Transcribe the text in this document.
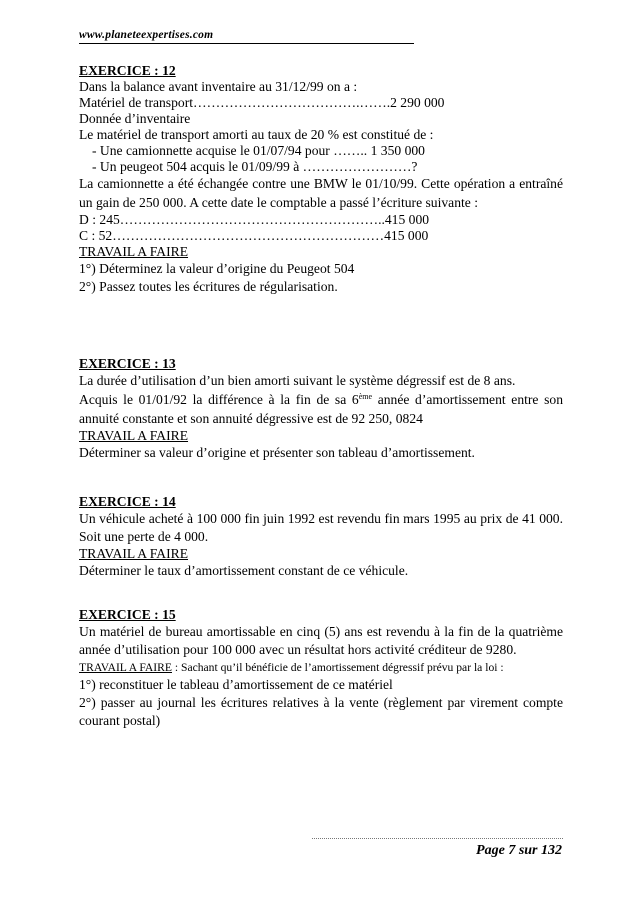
www.planeteexpertises.com

EXERCICE : 12

Dans la balance avant inventaire au 31/12/99 on a :

Matériel de transport……………………………….…….2 290 000

Donnée d’inventaire

Le matériel de transport amorti au taux de 20 % est constitué de :

- Une camionnette acquise le 01/07/94 pour …….. 1 350 000

- Un peugeot 504 acquis le 01/09/99 à ……………………?

La camionnette a été échangée contre une BMW le 01/10/99. Cette opération a entraîné un gain de 250 000. A cette date le comptable a passé l’écriture suivante :

D : 245…………………………………………………..415 000

C : 52……………………………………………………415 000

TRAVAIL A FAIRE

1°) Déterminez la valeur d’origine du Peugeot 504

2°) Passez toutes les écritures de régularisation.

EXERCICE : 13

La durée d’utilisation d’un bien amorti suivant le système dégressif est de 8 ans.

Acquis le 01/01/92 la différence à la fin de sa 6ème année d’amortissement entre son annuité constante et son annuité dégressive est de 92 250, 0824

TRAVAIL A FAIRE

Déterminer sa valeur d’origine et présenter son tableau d’amortissement.

EXERCICE : 14

Un véhicule acheté à 100 000 fin juin 1992 est revendu fin mars 1995 au prix de 41 000. Soit une perte de 4 000.

TRAVAIL A FAIRE

Déterminer le taux d’amortissement constant de ce véhicule.

EXERCICE : 15

Un matériel de bureau amortissable en cinq (5) ans est revendu à la fin de la quatrième année d’utilisation pour 100 000 avec un résultat hors activité créditeur de 9280.

TRAVAIL A FAIRE : Sachant qu’il bénéficie de l’amortissement dégressif prévu par la loi :

1°) reconstituer le tableau d’amortissement de ce matériel

2°) passer au journal les écritures relatives à la vente (règlement par virement compte courant postal)

Page 7 sur 132
